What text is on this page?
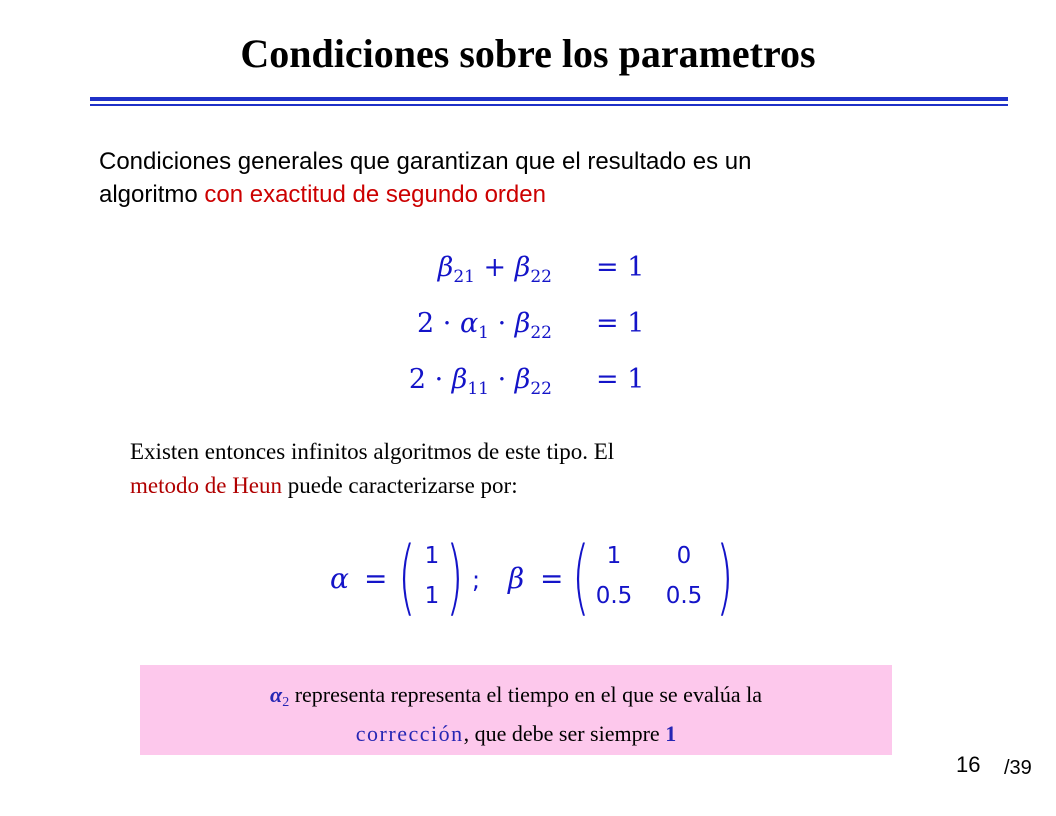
Condiciones sobre los parametros
Condiciones generales que garantizan que el resultado es un
algoritmo con exactitud de segundo orden
$\beta_{21} + \beta_{22} = 1$
$2 \cdot \alpha_1 \cdot \beta_{22} = 1$
$2 \cdot \beta_{11} \cdot \beta_{22} = 1$
Existen entonces infinitos algoritmos de este tipo. El
metodo de Heun puede caracterizarse por:
α = ( 1
1 ) ; β = ( 1	0
0.5 0.5 )
α2 representa representa el tiempo en el que se evalúa la
corrección, que debe ser siempre 1
16 /39
